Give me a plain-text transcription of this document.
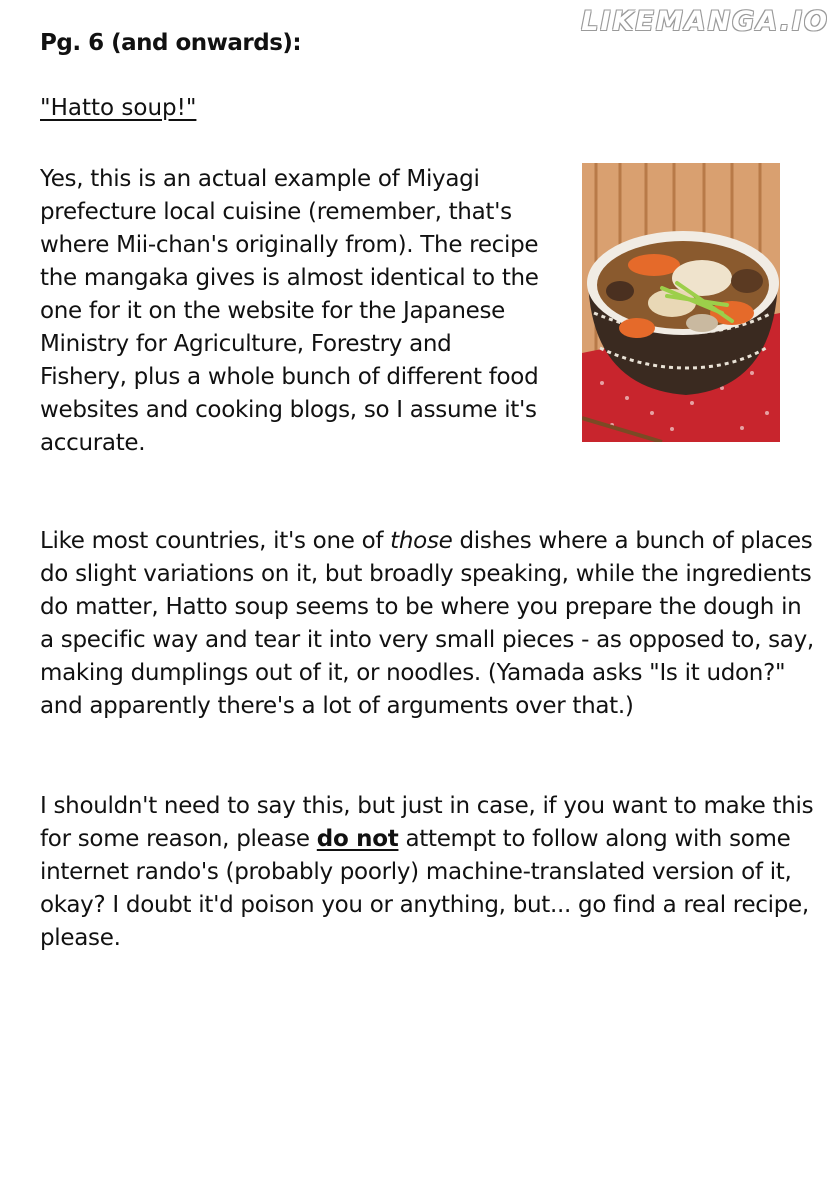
LIKEMANGA.IO
Pg. 6 (and onwards):
"Hatto soup!"
Yes, this is an actual example of Miyagi prefecture local cuisine (remember, that's where Mii-chan's originally from). The recipe the mangaka gives is almost identical to the one for it on the website for the Japanese Ministry for Agriculture, Forestry and Fishery, plus a whole bunch of different food websites and cooking blogs, so I assume it's accurate.
Like most countries, it's one of those dishes where a bunch of places do slight variations on it, but broadly speaking, while the ingredients do matter, Hatto soup seems to be where you prepare the dough in a specific way and tear it into very small pieces - as opposed to, say, making dumplings out of it, or noodles. (Yamada asks "Is it udon?" and apparently there's a lot of arguments over that.)
I shouldn't need to say this, but just in case, if you want to make this for some reason, please do not attempt to follow along with some internet rando's (probably poorly) machine-translated version of it, okay? I doubt it'd poison you or anything, but... go find a real recipe, please.
